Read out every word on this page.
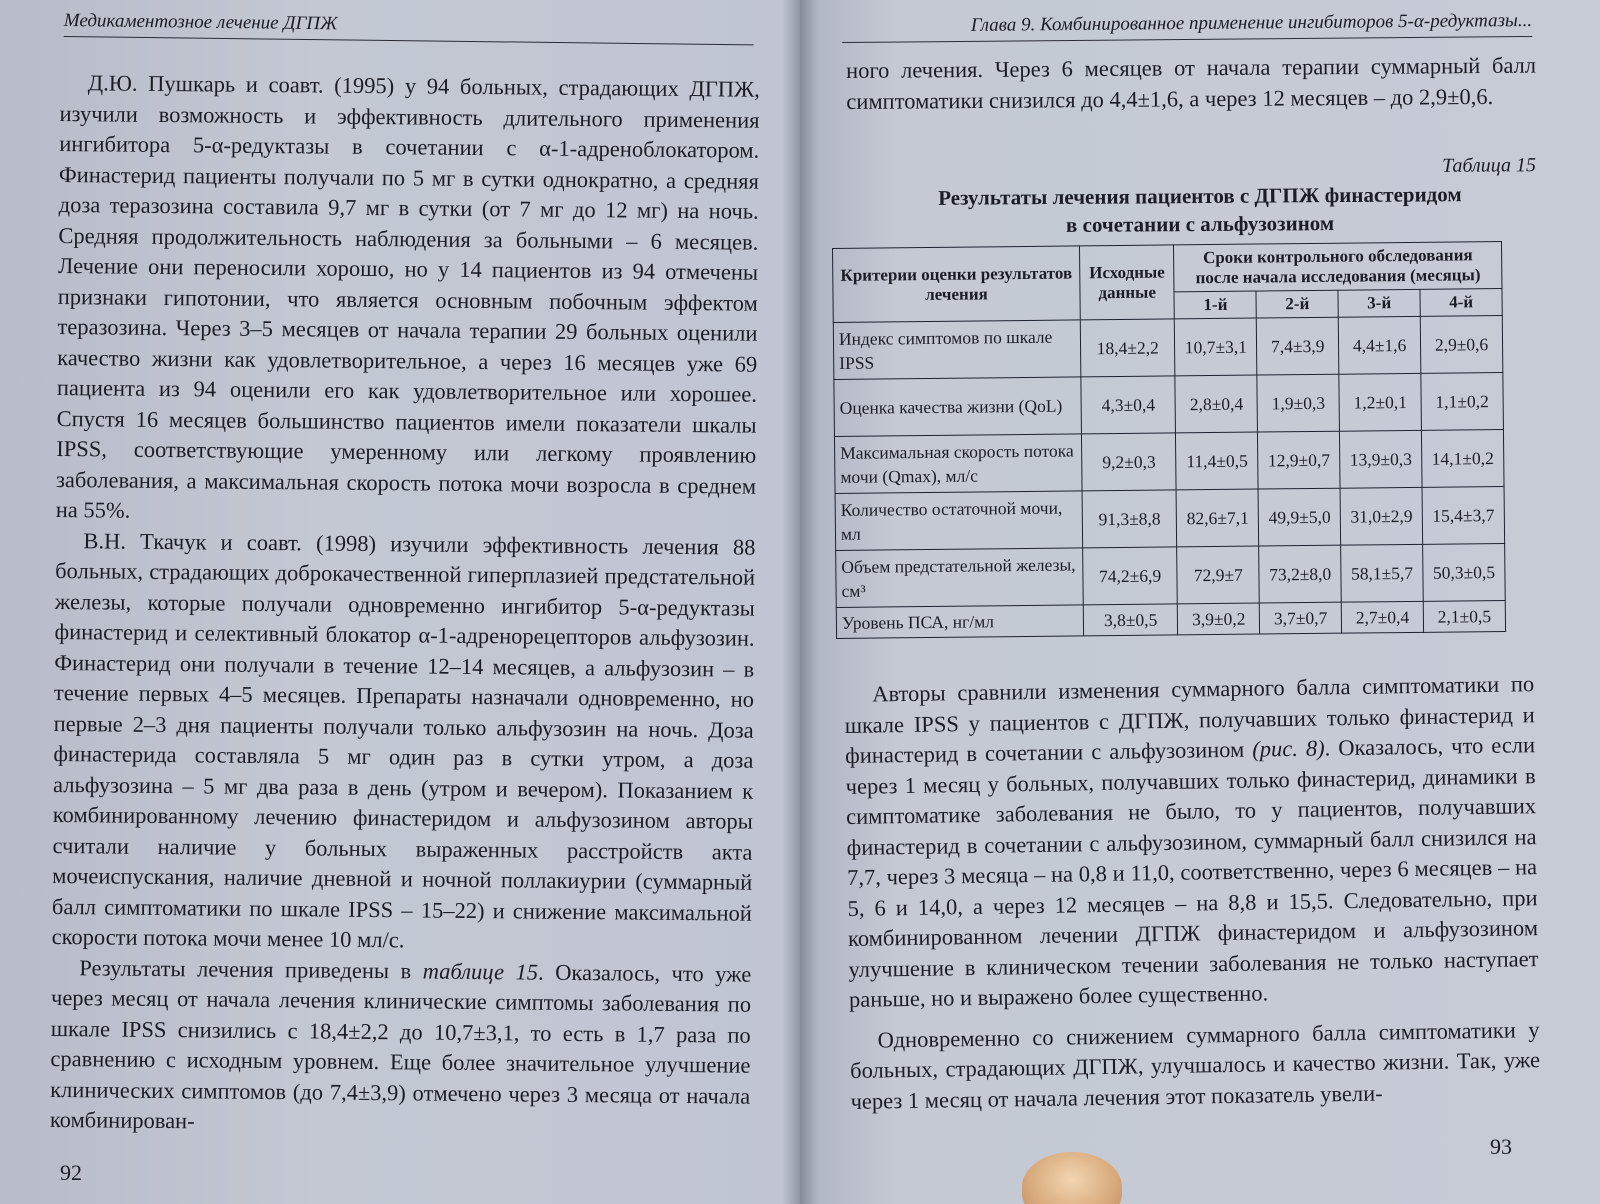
Медикаментозное лечение ДГПЖ

Д.Ю. Пушкарь и соавт. (1995) у 94 больных, страдающих ДГПЖ, изучили возможность и эффективность длительного применения ингибитора 5-α-редуктазы в сочетании с α-1-адреноблокатором. Финастерид пациенты получали по 5 мг в сутки однократно, а средняя доза теразозина составила 9,7 мг в сутки (от 7 мг до 12 мг) на ночь. Средняя продолжительность наблюдения за больными – 6 месяцев. Лечение они переносили хорошо, но у 14 пациентов из 94 отмечены признаки гипотонии, что является основным побочным эффектом теразозина. Через 3–5 месяцев от начала терапии 29 больных оценили качество жизни как удовлетворительное, а через 16 месяцев уже 69 пациента из 94 оценили его как удовлетворительное или хорошее. Спустя 16 месяцев большинство пациентов имели показатели шкалы IPSS, соответствующие умеренному или легкому проявлению заболевания, а максимальная скорость потока мочи возросла в среднем на 55%.

В.Н. Ткачук и соавт. (1998) изучили эффективность лечения 88 больных, страдающих доброкачественной гиперплазией предстательной железы, которые получали одновременно ингибитор 5-α-редуктазы финастерид и селективный блокатор α-1-адренорецепторов альфузозин. Финастерид они получали в течение 12–14 месяцев, а альфузозин – в течение первых 4–5 месяцев. Препараты назначали одновременно, но первые 2–3 дня пациенты получали только альфузозин на ночь. Доза финастерида составляла 5 мг один раз в сутки утром, а доза альфузозина – 5 мг два раза в день (утром и вечером). Показанием к комбинированному лечению финастеридом и альфузозином авторы считали наличие у больных выраженных расстройств акта мочеиспускания, наличие дневной и ночной поллакиурии (суммарный балл симптоматики по шкале IPSS – 15–22) и снижение максимальной скорости потока мочи менее 10 мл/с.

Результаты лечения приведены в таблице 15. Оказалось, что уже через месяц от начала лечения клинические симптомы заболевания по шкале IPSS снизились с 18,4±2,2 до 10,7±3,1, то есть в 1,7 раза по сравнению с исходным уровнем. Еще более значительное улучшение клинических симптомов (до 7,4±3,9) отмечено через 3 месяца от начала комбинирован-

92
Глава 9. Комбинированное применение ингибиторов 5-α-редуктазы...

ного лечения. Через 6 месяцев от начала терапии суммарный балл симптоматики снизился до 4,4±1,6, а через 12 месяцев – до 2,9±0,6.

Таблица 15
Результаты лечения пациентов с ДГПЖ финастеридом
в сочетании с альфузозином
Критерии оценки результатов лечения	Исходные данные	Сроки контрольного обследования после начала исследования (месяцы)			
		1-й	2-й	3-й	4-й
Индекс симптомов по шкале IPSS	18,4±2,2	10,7±3,1	7,4±3,9	4,4±1,6	2,9±0,6
Оценка качества жизни (QoL)	4,3±0,4	2,8±0,4	1,9±0,3	1,2±0,1	1,1±0,2
Максимальная скорость потока мочи (Qmax), мл/с	9,2±0,3	11,4±0,5	12,9±0,7	13,9±0,3	14,1±0,2
Количество остаточной мочи, мл	91,3±8,8	82,6±7,1	49,9±5,0	31,0±2,9	15,4±3,7
Объем предстательной железы, см³	74,2±6,9	72,9±7	73,2±8,0	58,1±5,7	50,3±0,5
Уровень ПСА, нг/мл	3,8±0,5	3,9±0,2	3,7±0,7	2,7±0,4	2,1±0,5

Авторы сравнили изменения суммарного балла симптоматики по шкале IPSS у пациентов с ДГПЖ, получавших только финастерид и финастерид в сочетании с альфузозином (рис. 8). Оказалось, что если через 1 месяц у больных, получавших только финастерид, динамики в симптоматике заболевания не было, то у пациентов, получавших финастерид в сочетании с альфузозином, суммарный балл снизился на 7,7, через 3 месяца – на 0,8 и 11,0, соответственно, через 6 месяцев – на 5, 6 и 14,0, а через 12 месяцев – на 8,8 и 15,5. Следовательно, при комбинированном лечении ДГПЖ финастеридом и альфузозином улучшение в клиническом течении заболевания не только наступает раньше, но и выражено более существенно.

Одновременно со снижением суммарного балла симптоматики у больных, страдающих ДГПЖ, улучшалось и качество жизни. Так, уже через 1 месяц от начала лечения этот показатель увели-

93
